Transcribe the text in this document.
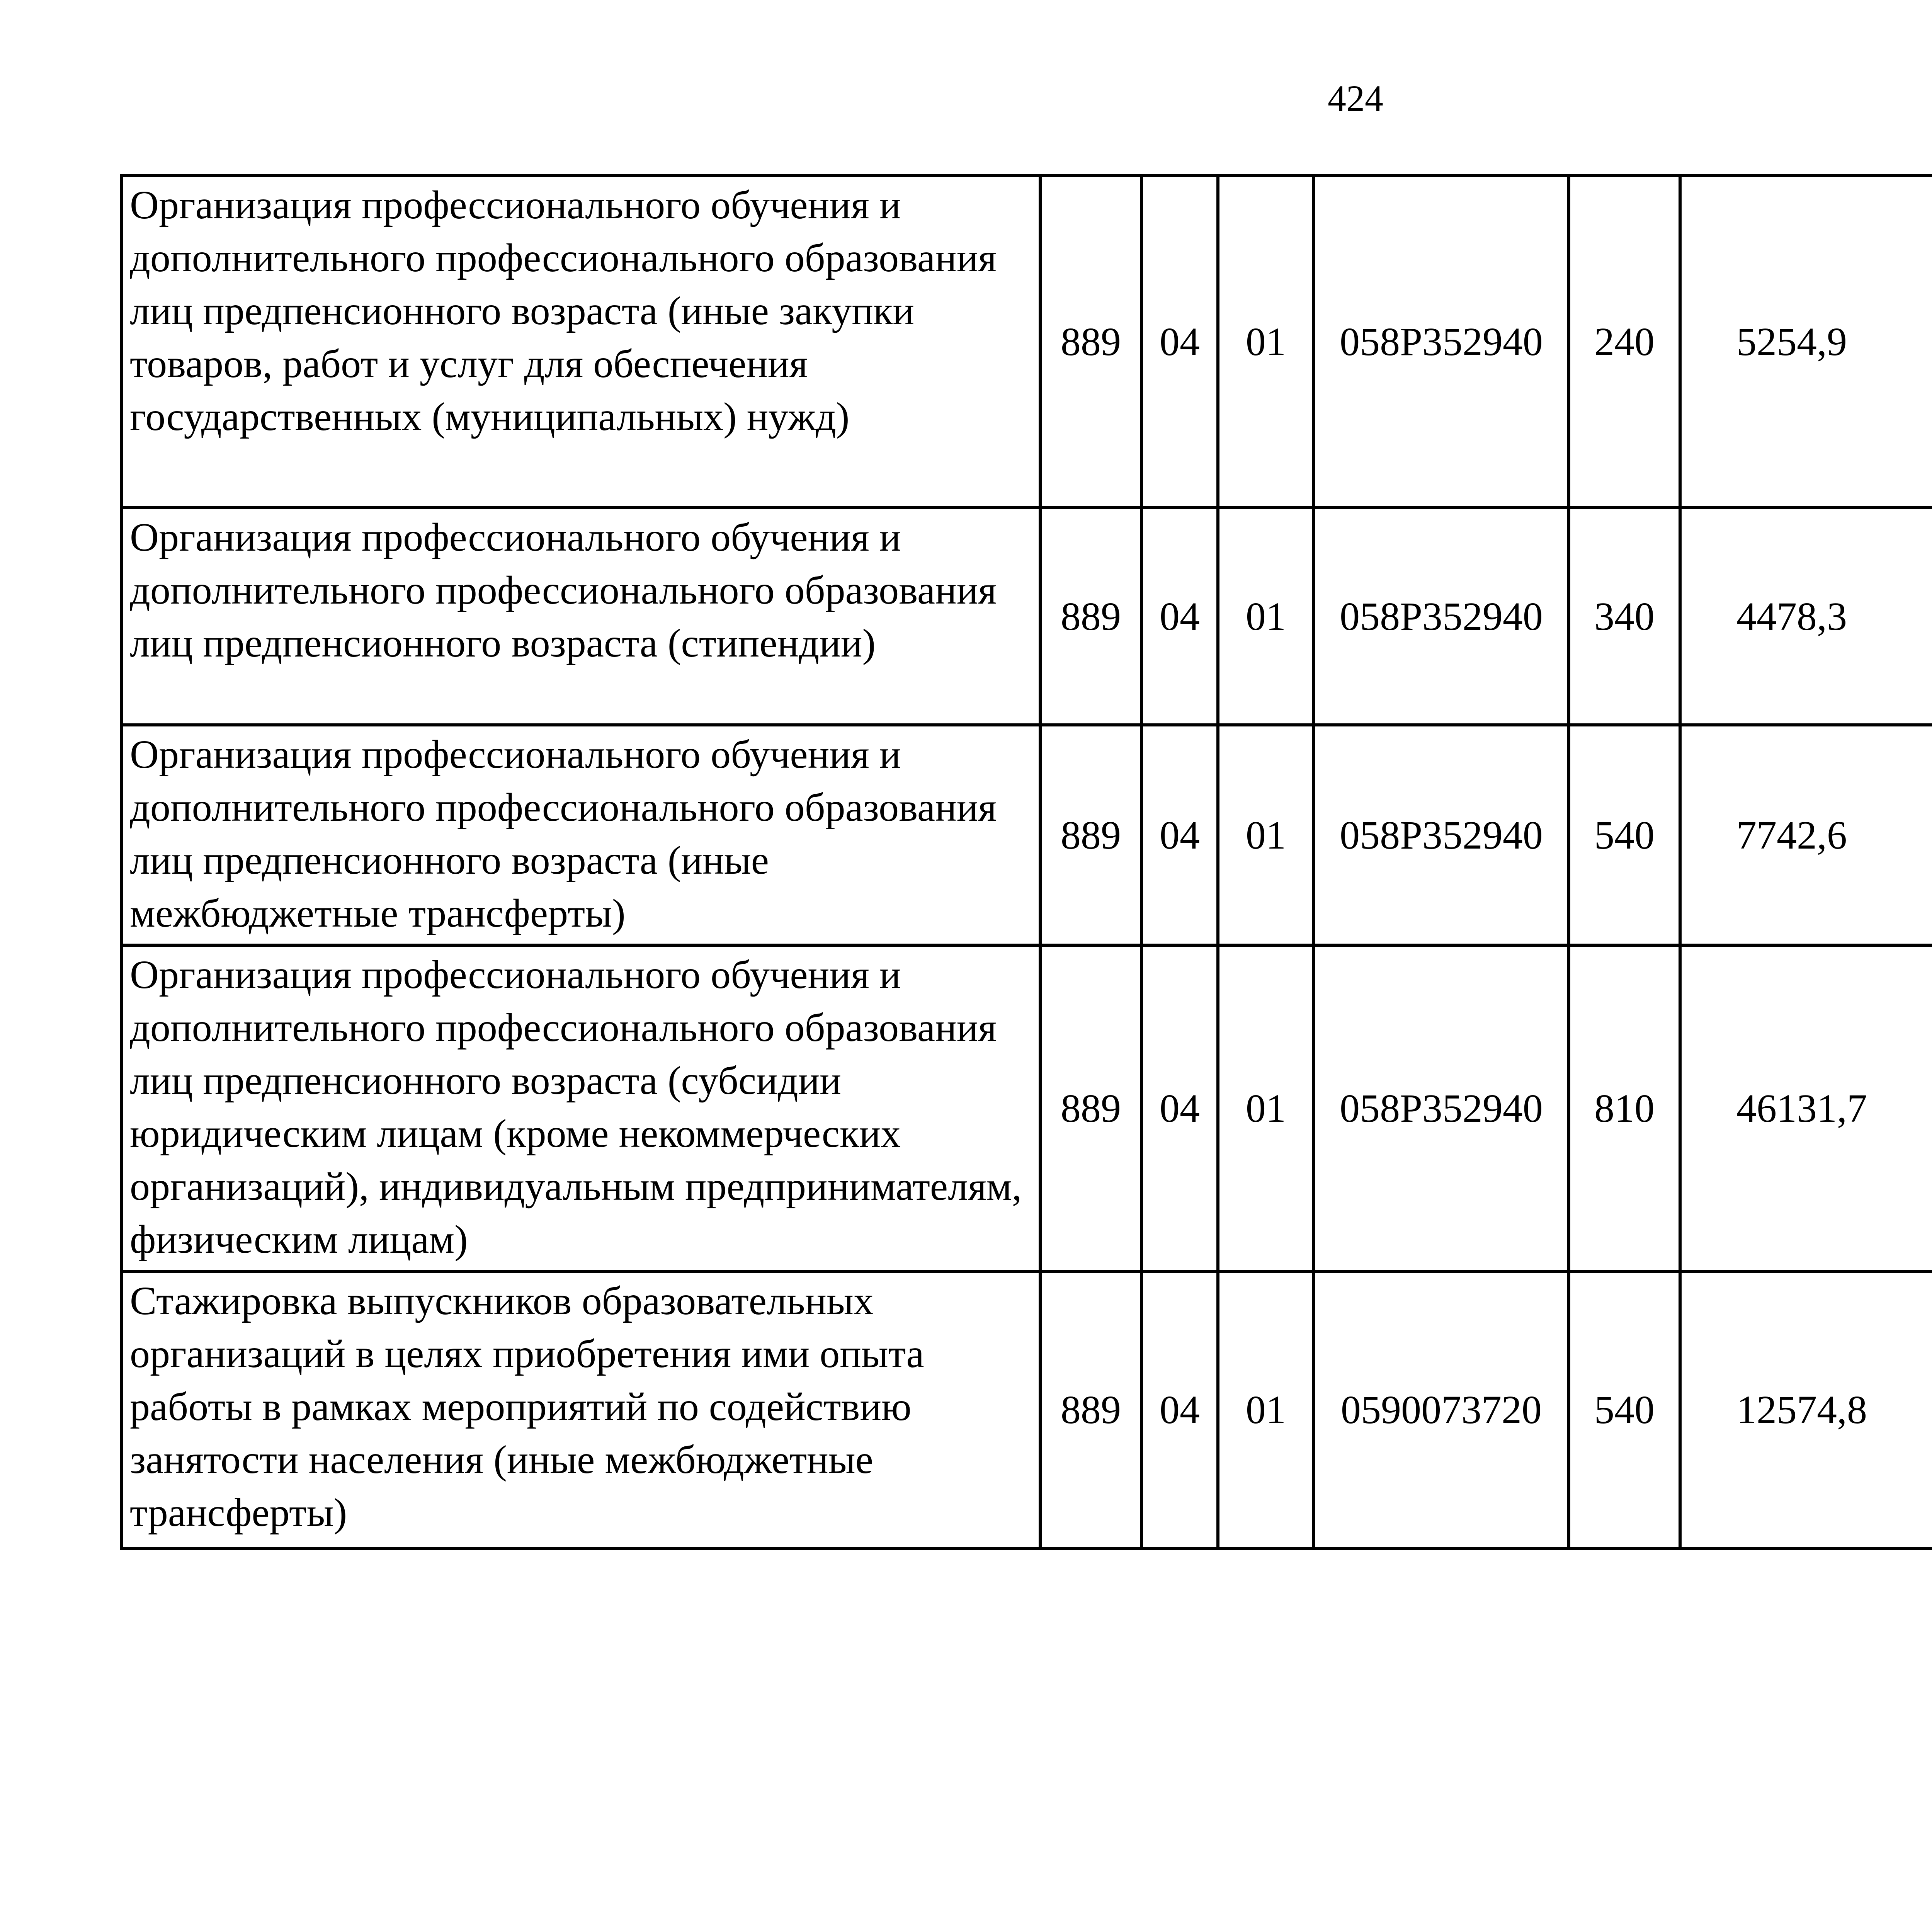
424
Организация профессионального обучения и дополнительного профессионального образования лиц предпенсионного возраста (иные закупки товаров, работ и услуг для обеспечения государственных (муниципальных) нужд)	889	04	01	058P352940	240	5254,9		
Организация профессионального обучения и дополнительного профессионального образования лиц предпенсионного возраста (стипендии)	889	04	01	058P352940	340	4478,3		
Организация профессионального обучения и дополнительного профессионального образования лиц предпенсионного возраста (иные межбюджетные трансферты)	889	04	01	058P352940	540	7742,6		
Организация профессионального обучения и дополнительного профессионального образования лиц предпенсионного возраста (субсидии юридическим лицам (кроме некоммерческих организаций), индивидуальным предпринимателям, физическим лицам)	889	04	01	058P352940	810	46131,7		
Стажировка выпускников образовательных организаций в целях приобретения ими опыта работы в рамках мероприятий по содействию занятости населения (иные межбюджетные трансферты)	889	04	01	0590073720	540	12574,8		
